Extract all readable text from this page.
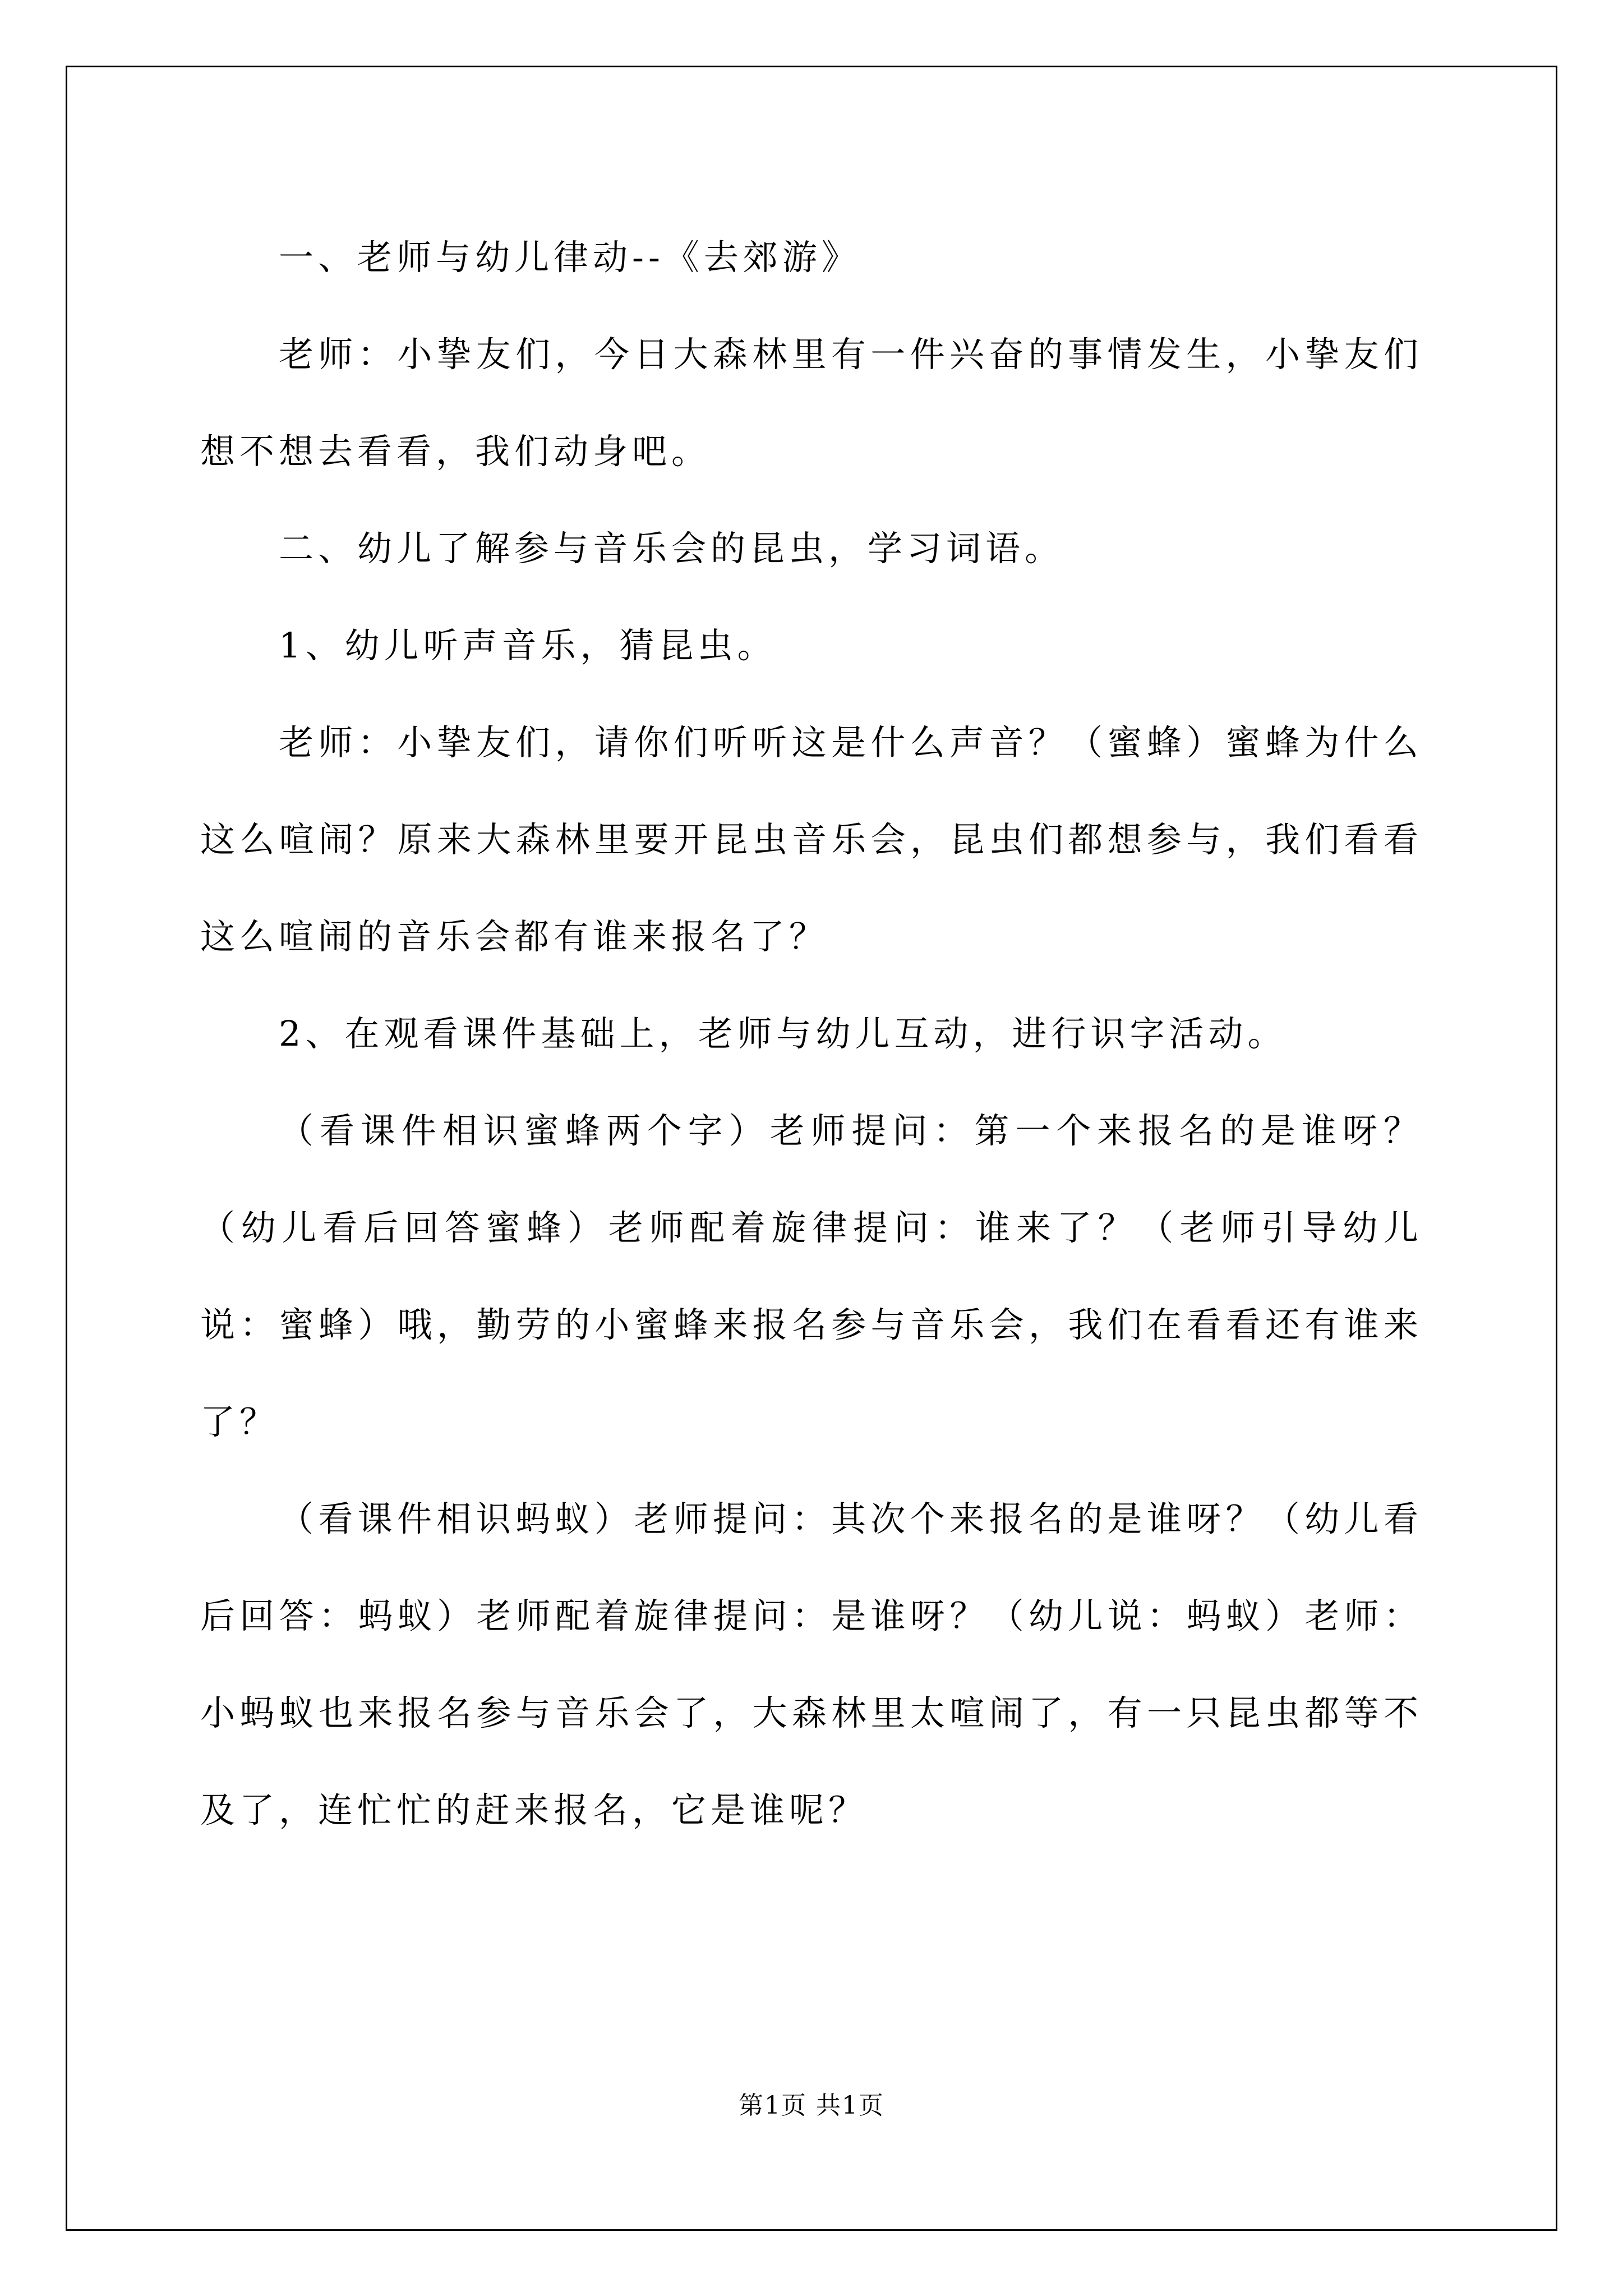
一、老师与幼儿律动--《去郊游》

老师：小挚友们，今日大森林里有一件兴奋的事情发生，小挚友们想不想去看看，我们动身吧。

二、幼儿了解参与音乐会的昆虫，学习词语。

1、幼儿听声音乐，猜昆虫。

老师：小挚友们，请你们听听这是什么声音？（蜜蜂）蜜蜂为什么这么喧闹？原来大森林里要开昆虫音乐会，昆虫们都想参与，我们看看这么喧闹的音乐会都有谁来报名了？

2、在观看课件基础上，老师与幼儿互动，进行识字活动。

（看课件相识蜜蜂两个字）老师提问：第一个来报名的是谁呀？（幼儿看后回答蜜蜂）老师配着旋律提问：谁来了？（老师引导幼儿说：蜜蜂）哦，勤劳的小蜜蜂来报名参与音乐会，我们在看看还有谁来了？

（看课件相识蚂蚁）老师提问：其次个来报名的是谁呀？（幼儿看后回答：蚂蚁）老师配着旋律提问：是谁呀？（幼儿说：蚂蚁）老师：小蚂蚁也来报名参与音乐会了，大森林里太喧闹了，有一只昆虫都等不及了，连忙忙的赶来报名，它是谁呢？

第1页 共1页
